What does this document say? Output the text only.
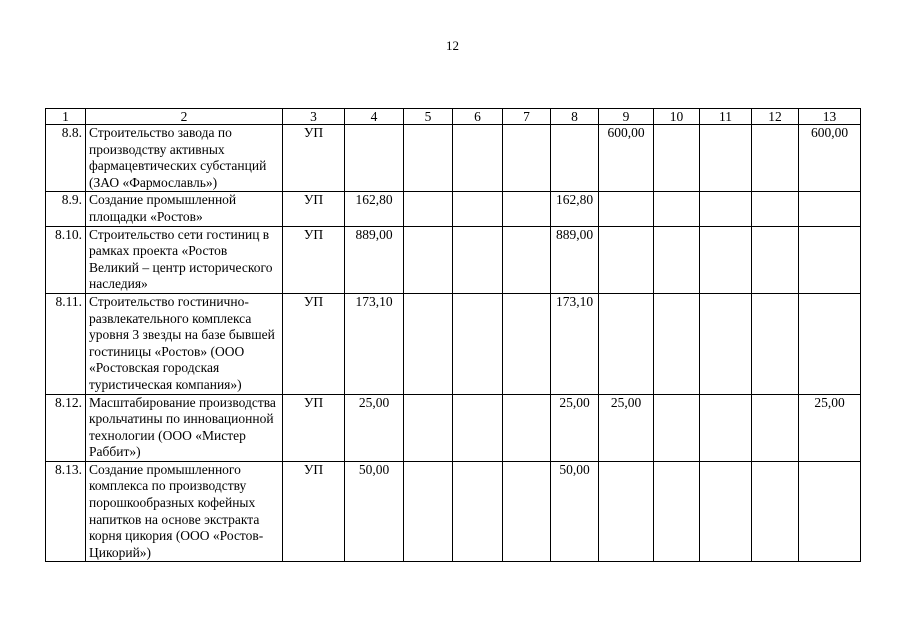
12
1	2	3	4	5	6	7	8	9	10	11	12	13
8.8.	Строительство завода по производству активных фармацевтических субстанций (ЗАО «Фармославль»)	УП						600,00				600,00
8.9.	Создание промышленной площадки «Ростов»	УП	162,80				162,80					
8.10.	Строительство сети гостиниц в рамках проекта «Ростов Великий – центр исторического наследия»	УП	889,00				889,00					
8.11.	Строительство гостинично-развлекательного комплекса уровня 3 звезды на базе бывшей гостиницы «Ростов» (ООО «Ростовская городская туристическая компания»)	УП	173,10				173,10					
8.12.	Масштабирование производства крольчатины по инновационной технологии (ООО «Мистер Раббит»)	УП	25,00				25,00	25,00				25,00
8.13.	Создание промышленного комплекса по производству порошкообразных кофейных напитков на основе экстракта корня цикория (ООО «Ростов-Цикорий»)	УП	50,00				50,00					
